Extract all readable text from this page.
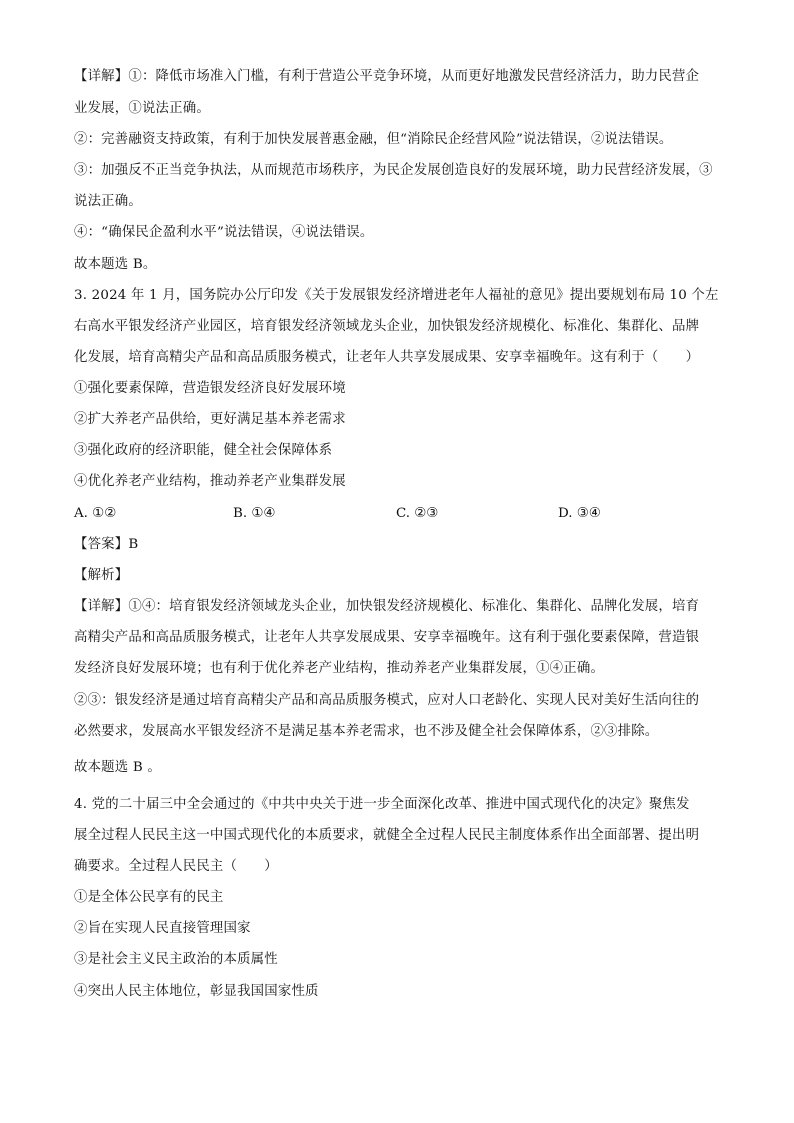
【详解】①：降低市场准入门槛，有利于营造公平竞争环境，从而更好地激发民营经济活力，助力民营企

业发展，①说法正确。

②：完善融资支持政策，有利于加快发展普惠金融，但“消除民企经营风险”说法错误，②说法错误。

③：加强反不正当竞争执法，从而规范市场秩序，为民企发展创造良好的发展环境，助力民营经济发展，③

说法正确。

④：“确保民企盈利水平”说法错误，④说法错误。

故本题选 B。

3. 2024 年 1 月，国务院办公厅印发《关于发展银发经济增进老年人福祉的意见》提出要规划布局 10 个左

右高水平银发经济产业园区，培育银发经济领域龙头企业，加快银发经济规模化、标准化、集群化、品牌

化发展，培育高精尖产品和高品质服务模式，让老年人共享发展成果、安享幸福晚年。这有利于（　　）

①强化要素保障，营造银发经济良好发展环境

②扩大养老产品供给，更好满足基本养老需求

③强化政府的经济职能，健全社会保障体系

④优化养老产业结构，推动养老产业集群发展

A. ①②	B. ①④	C. ②③	D. ③④

【答案】B

【解析】

【详解】①④：培育银发经济领域龙头企业，加快银发经济规模化、标准化、集群化、品牌化发展，培育

高精尖产品和高品质服务模式，让老年人共享发展成果、安享幸福晚年。这有利于强化要素保障，营造银

发经济良好发展环境；也有利于优化养老产业结构，推动养老产业集群发展，①④正确。

②③：银发经济是通过培育高精尖产品和高品质服务模式，应对人口老龄化、实现人民对美好生活向往的

必然要求，发展高水平银发经济不是满足基本养老需求，也不涉及健全社会保障体系，②③排除。

故本题选 B 。

4. 党的二十届三中全会通过的《中共中央关于进一步全面深化改革、推进中国式现代化的决定》聚焦发

展全过程人民民主这一中国式现代化的本质要求，就健全全过程人民民主制度体系作出全面部署、提出明

确要求。全过程人民民主（　　）

①是全体公民享有的民主

②旨在实现人民直接管理国家

③是社会主义民主政治的本质属性

④突出人民主体地位，彰显我国国家性质
